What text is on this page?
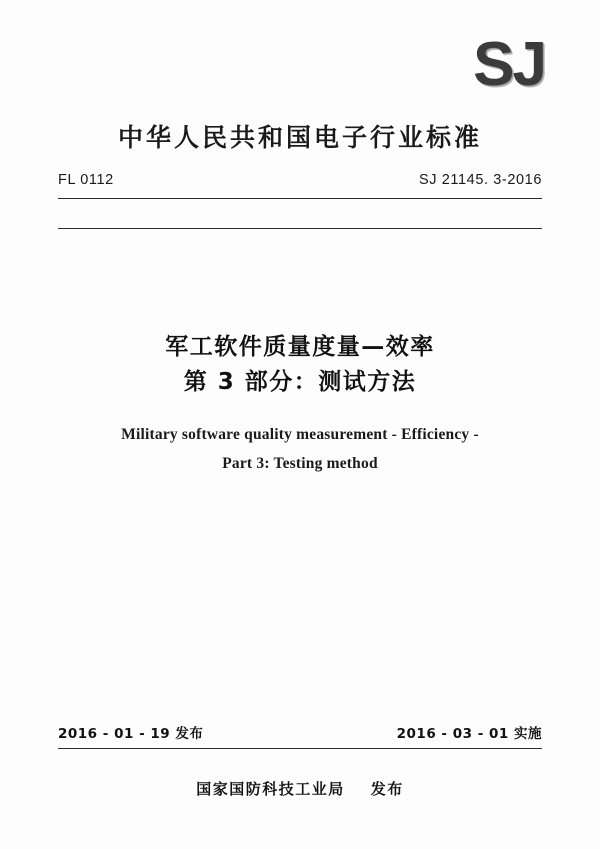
SJ
中华人民共和国电子行业标准
FL 0112	SJ 21145. 3-2016
军工软件质量度量—效率
第 3 部分：测试方法
Military software quality measurement - Efficiency -
Part 3: Testing method
2016 - 01 - 19 发布	2016 - 03 - 01 实施
国家国防科技工业局 发布
